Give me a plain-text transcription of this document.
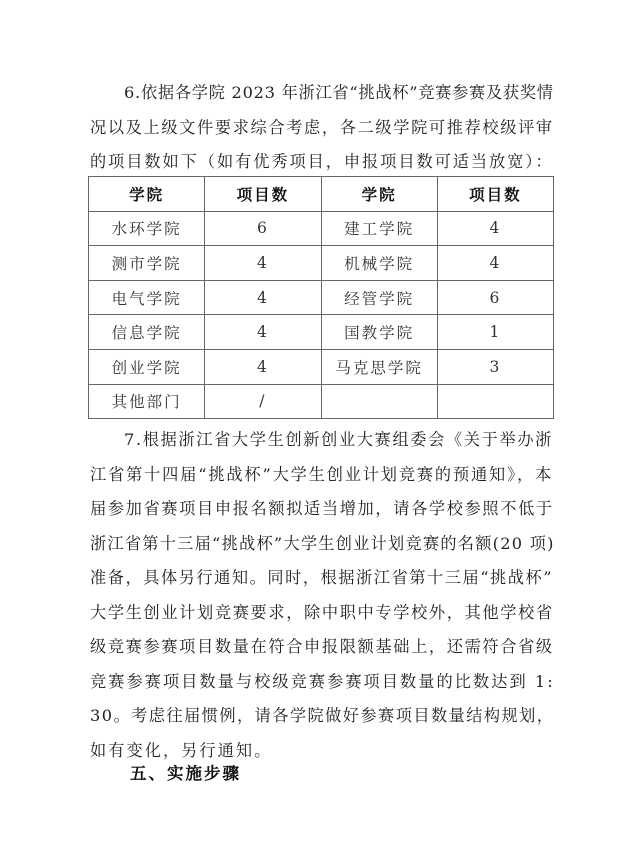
6.依据各学院 2023 年浙江省“挑战杯”竞赛参赛及获奖情
况以及上级文件要求综合考虑，各二级学院可推荐校级评审
的项目数如下（如有优秀项目，申报项目数可适当放宽）：
学院	项目数	学院	项目数
水环学院	6	建工学院	4
测市学院	4	机械学院	4
电气学院	4	经管学院	6
信息学院	4	国教学院	1
创业学院	4	马克思学院	3
其他部门	/		
7.根据浙江省大学生创新创业大赛组委会《关于举办浙
江省第十四届“挑战杯”大学生创业计划竞赛的预通知》，本
届参加省赛项目申报名额拟适当增加，请各学校参照不低于
浙江省第十三届“挑战杯”大学生创业计划竞赛的名额(20 项)
准备，具体另行通知。同时，根据浙江省第十三届“挑战杯”
大学生创业计划竞赛要求，除中职中专学校外，其他学校省
级竞赛参赛项目数量在符合申报限额基础上，还需符合省级
竞赛参赛项目数量与校级竞赛参赛项目数量的比数达到 1:
30。考虑往届惯例，请各学院做好参赛项目数量结构规划，
如有变化，另行通知。
五、实施步骤
